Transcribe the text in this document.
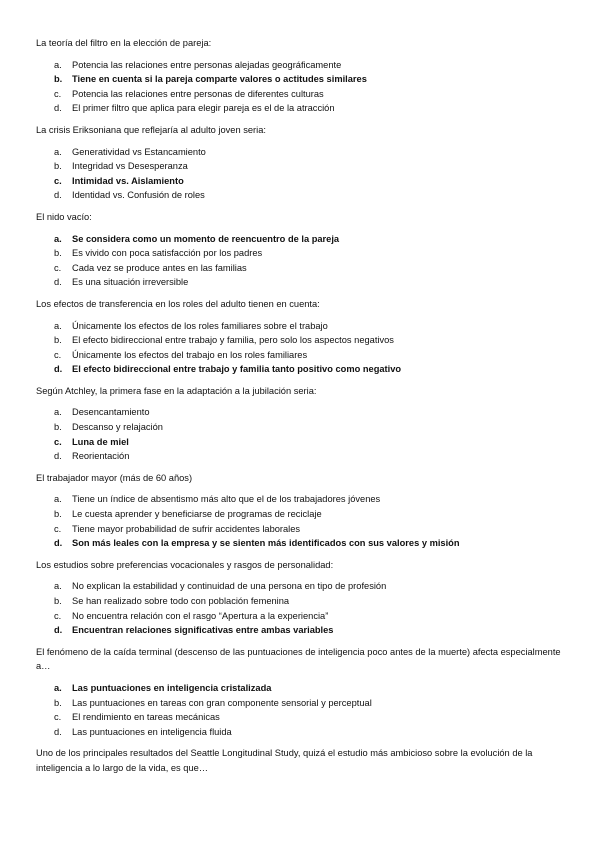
La teoría del filtro en la elección de pareja:

a.	Potencia las relaciones entre personas alejadas geográficamente
b.	Tiene en cuenta si la pareja comparte valores o actitudes similares
c.	Potencia las relaciones entre personas de diferentes culturas
d.	El primer filtro que aplica para elegir pareja es el de la atracción

La crisis Eriksoniana que reflejaría al adulto joven seria:

a.	Generatividad vs Estancamiento
b.	Integridad vs Desesperanza
c.	Intimidad vs. Aislamiento
d.	Identidad vs. Confusión de roles

El nido vacío:

a.	Se considera como un momento de reencuentro de la pareja
b.	Es vivido con poca satisfacción por los padres
c.	Cada vez se produce antes en las familias
d.	Es una situación irreversible

Los efectos de transferencia en los roles del adulto tienen en cuenta:

a.	Únicamente los efectos de los roles familiares sobre el trabajo
b.	El efecto bidireccional entre trabajo y familia, pero solo los aspectos negativos
c.	Únicamente los efectos del trabajo en los roles familiares
d.	El efecto bidireccional entre trabajo y familia tanto positivo como negativo

Según Atchley, la primera fase en la adaptación a la jubilación seria:

a.	Desencantamiento
b.	Descanso y relajación
c.	Luna de miel
d.	Reorientación

El trabajador mayor (más de 60 años)

a.	Tiene un índice de absentismo más alto que el de los trabajadores jóvenes
b.	Le cuesta aprender y beneficiarse de programas de reciclaje
c.	Tiene mayor probabilidad de sufrir accidentes laborales
d.	Son más leales con la empresa y se sienten más identificados con sus valores y misión

Los estudios sobre preferencias vocacionales y rasgos de personalidad:

a.	No explican la estabilidad y continuidad de una persona en tipo de profesión
b.	Se han realizado sobre todo con población femenina
c.	No encuentra relación con el rasgo “Apertura a la experiencia”
d.	Encuentran relaciones significativas entre ambas variables

El fenómeno de la caída terminal (descenso de las puntuaciones de inteligencia poco antes de la muerte) afecta especialmente a…

a.	Las puntuaciones en inteligencia cristalizada
b.	Las puntuaciones en tareas con gran componente sensorial y perceptual
c.	El rendimiento en tareas mecánicas
d.	Las puntuaciones en inteligencia fluida

Uno de los principales resultados del Seattle Longitudinal Study, quizá el estudio más ambicioso sobre la evolución de la inteligencia a lo largo de la vida, es que…
